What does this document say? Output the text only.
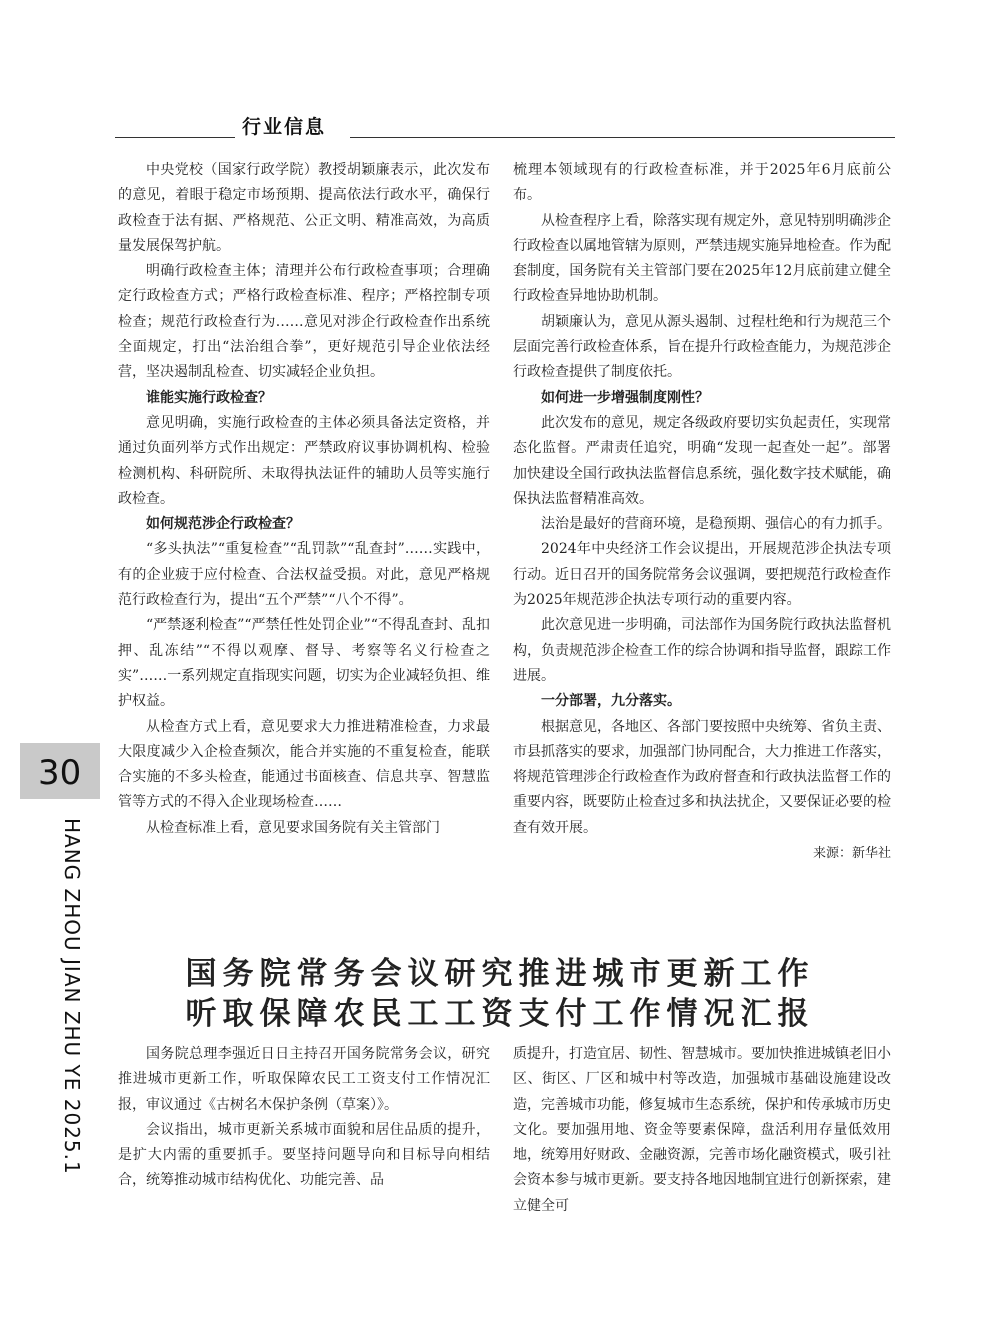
行业信息

中央党校（国家行政学院）教授胡颖廉表示，此次发布的意见，着眼于稳定市场预期、提高依法行政水平，确保行政检查于法有据、严格规范、公正文明、精准高效，为高质量发展保驾护航。

明确行政检查主体；清理并公布行政检查事项；合理确定行政检查方式；严格行政检查标准、程序；严格控制专项检查；规范行政检查行为……意见对涉企行政检查作出系统全面规定，打出“法治组合拳”，更好规范引导企业依法经营，坚决遏制乱检查、切实减轻企业负担。

谁能实施行政检查？

意见明确，实施行政检查的主体必须具备法定资格，并通过负面列举方式作出规定：严禁政府议事协调机构、检验检测机构、科研院所、未取得执法证件的辅助人员等实施行政检查。

如何规范涉企行政检查？

“多头执法”“重复检查”“乱罚款”“乱查封”……实践中，有的企业疲于应付检查、合法权益受损。对此，意见严格规范行政检查行为，提出“五个严禁”“八个不得”。

“严禁逐利检查”“严禁任性处罚企业”“不得乱查封、乱扣押、乱冻结”“不得以观摩、督导、考察等名义行检查之实”……一系列规定直指现实问题，切实为企业减轻负担、维护权益。

从检查方式上看，意见要求大力推进精准检查，力求最大限度减少入企检查频次，能合并实施的不重复检查，能联合实施的不多头检查，能通过书面核查、信息共享、智慧监管等方式的不得入企业现场检查……

从检查标准上看，意见要求国务院有关主管部门

梳理本领域现有的行政检查标准，并于2025年6月底前公布。

从检查程序上看，除落实现有规定外，意见特别明确涉企行政检查以属地管辖为原则，严禁违规实施异地检查。作为配套制度，国务院有关主管部门要在2025年12月底前建立健全行政检查异地协助机制。

胡颖廉认为，意见从源头遏制、过程杜绝和行为规范三个层面完善行政检查体系，旨在提升行政检查能力，为规范涉企行政检查提供了制度依托。

如何进一步增强制度刚性？

此次发布的意见，规定各级政府要切实负起责任，实现常态化监督。严肃责任追究，明确“发现一起查处一起”。部署加快建设全国行政执法监督信息系统，强化数字技术赋能，确保执法监督精准高效。

法治是最好的营商环境，是稳预期、强信心的有力抓手。

2024年中央经济工作会议提出，开展规范涉企执法专项行动。近日召开的国务院常务会议强调，要把规范行政检查作为2025年规范涉企执法专项行动的重要内容。

此次意见进一步明确，司法部作为国务院行政执法监督机构，负责规范涉企检查工作的综合协调和指导监督，跟踪工作进展。

一分部署，九分落实。

根据意见，各地区、各部门要按照中央统筹、省负主责、市县抓落实的要求，加强部门协同配合，大力推进工作落实，将规范管理涉企行政检查作为政府督查和行政执法监督工作的重要内容，既要防止检查过多和执法扰企，又要保证必要的检查有效开展。

来源：新华社

30
HANG ZHOU JIAN ZHU YE 2025.1	国务院常务会议研究推进城市更新工作
听取保障农民工工资支付工作情况汇报

国务院总理李强近日日主持召开国务院常务会议，研究推进城市更新工作，听取保障农民工工资支付工作情况汇报，审议通过《古树名木保护条例（草案）》。

会议指出，城市更新关系城市面貌和居住品质的提升，是扩大内需的重要抓手。要坚持问题导向和目标导向相结合，统筹推动城市结构优化、功能完善、品

质提升，打造宜居、韧性、智慧城市。要加快推进城镇老旧小区、街区、厂区和城中村等改造，加强城市基础设施建设改造，完善城市功能，修复城市生态系统，保护和传承城市历史文化。要加强用地、资金等要素保障，盘活利用存量低效用地，统筹用好财政、金融资源，完善市场化融资模式，吸引社会资本参与城市更新。要支持各地因地制宜进行创新探索，建立健全可
